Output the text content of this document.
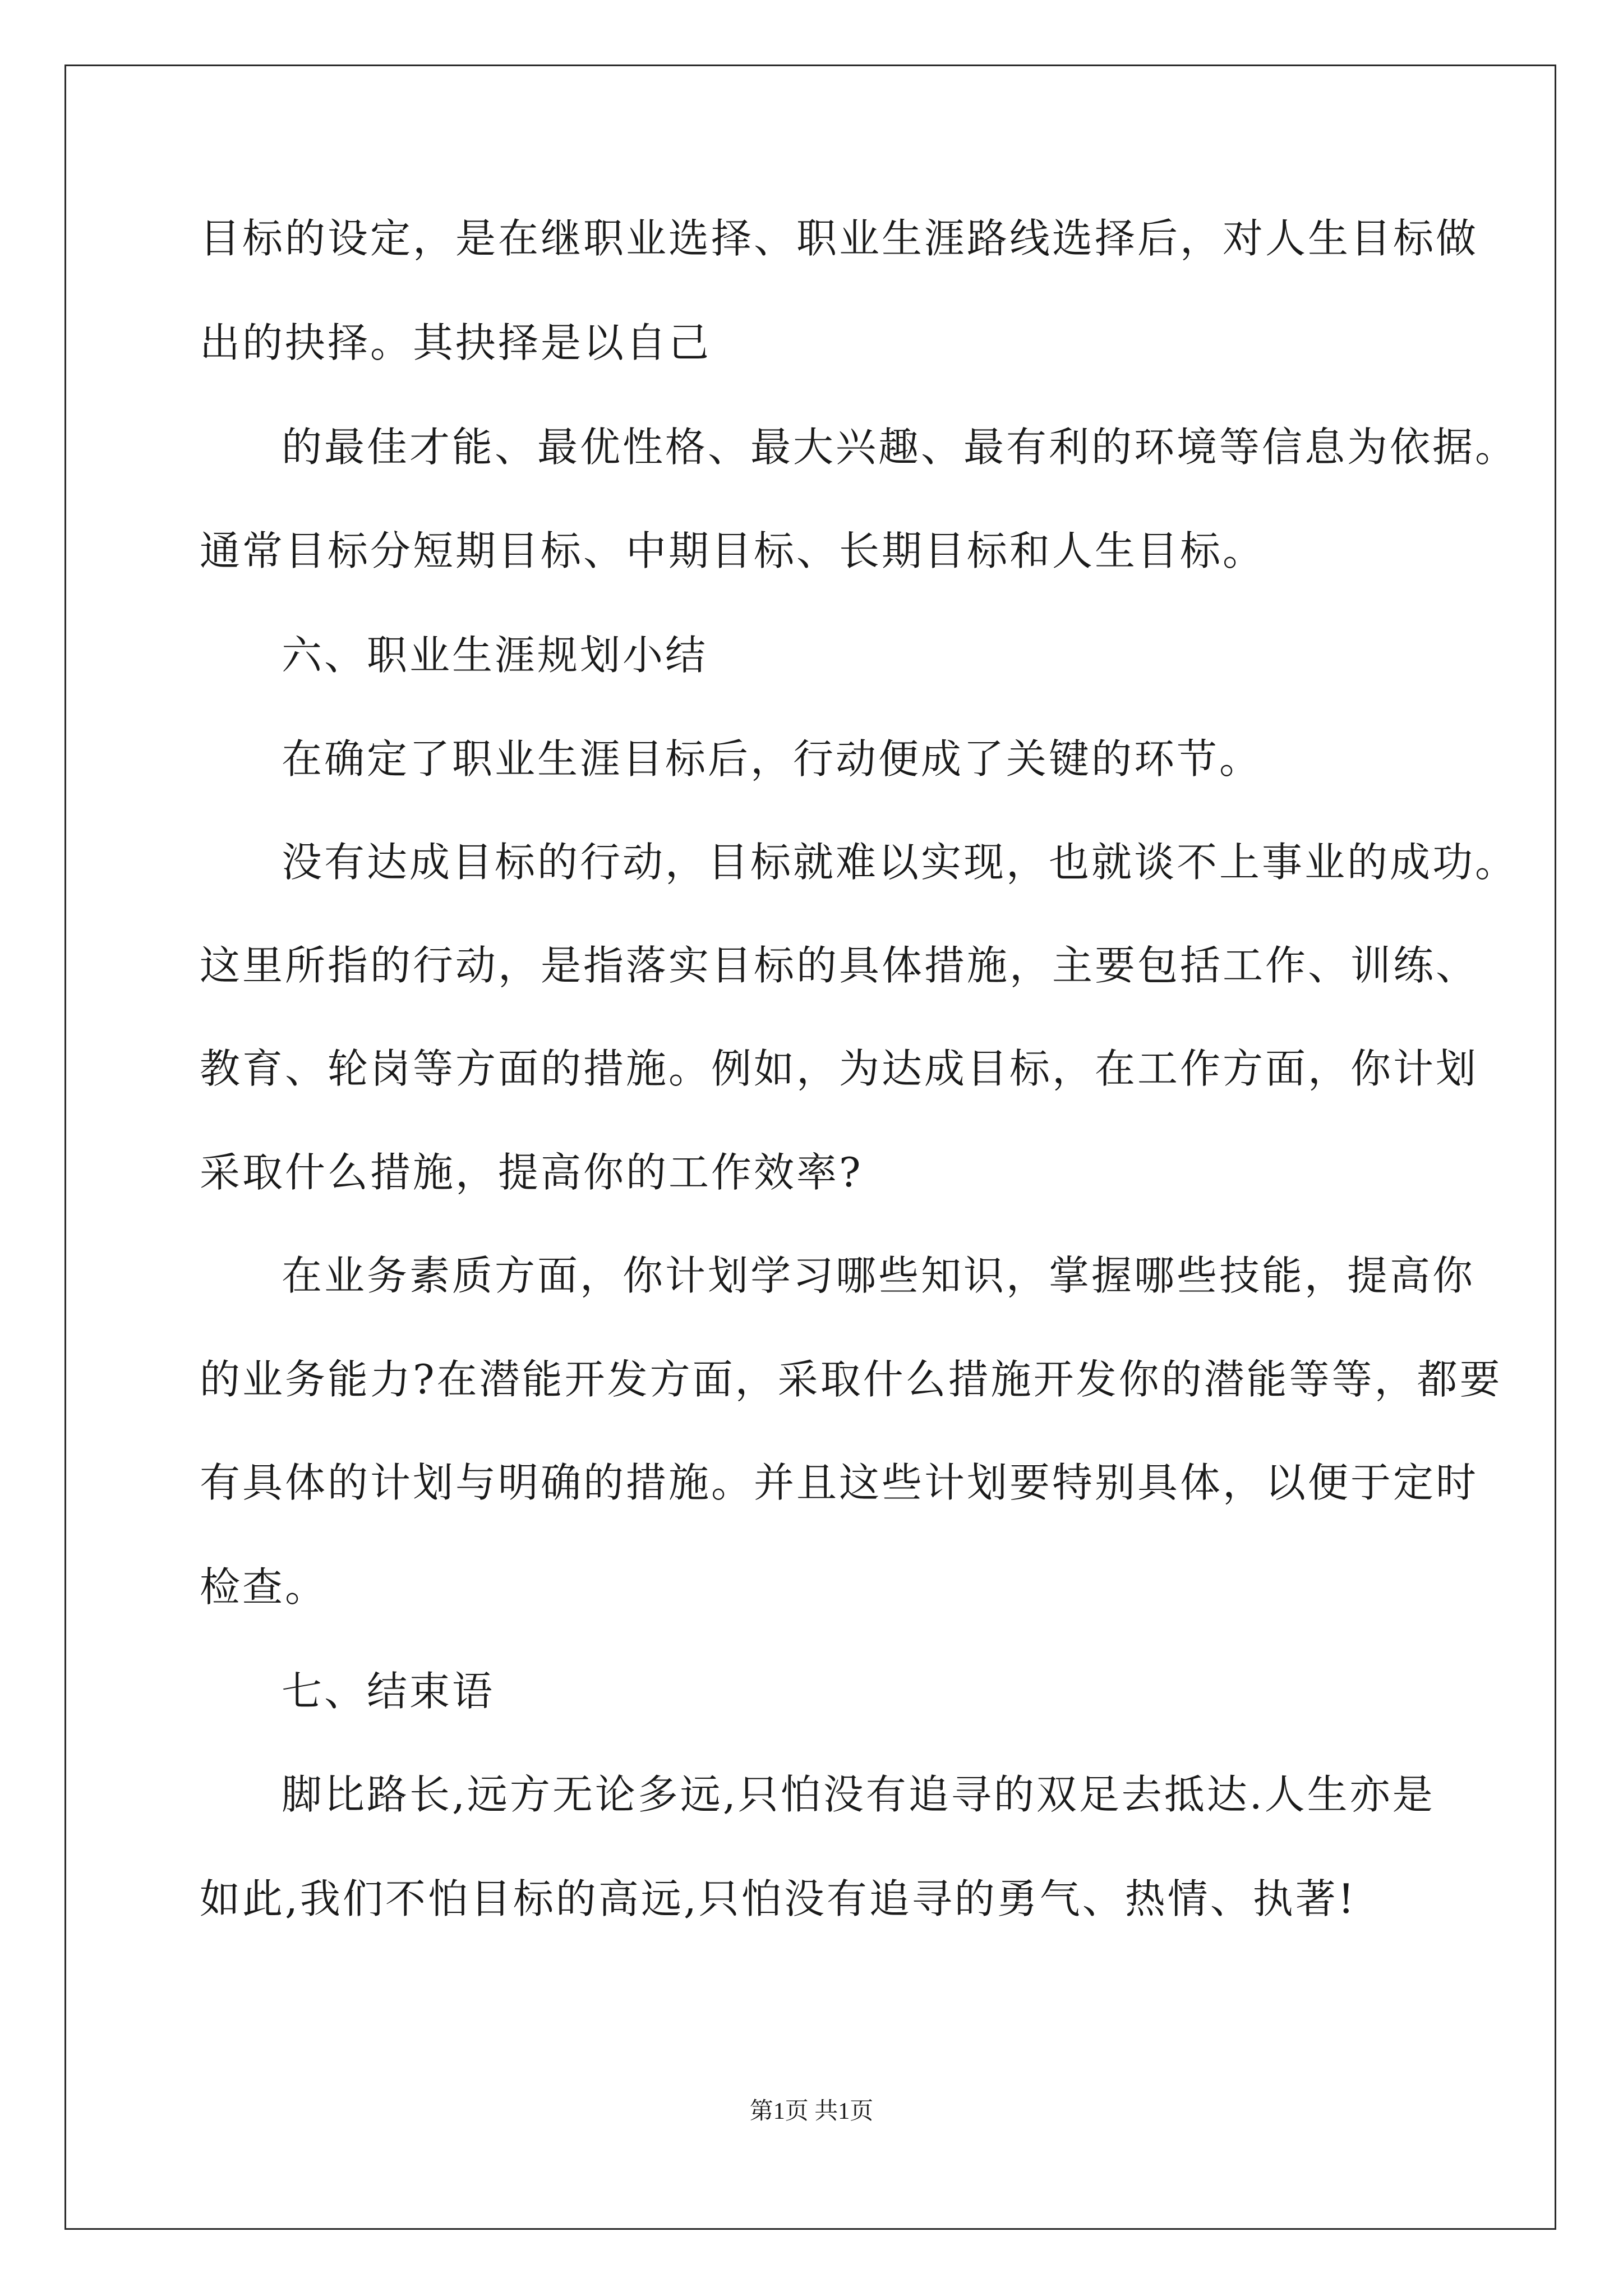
目标的设定，是在继职业选择、职业生涯路线选择后，对人生目标做
出的抉择。其抉择是以自己
的最佳才能、最优性格、最大兴趣、最有利的环境等信息为依据。
通常目标分短期目标、中期目标、长期目标和人生目标。
六、职业生涯规划小结
在确定了职业生涯目标后，行动便成了关键的环节。
没有达成目标的行动，目标就难以实现，也就谈不上事业的成功。
这里所指的行动，是指落实目标的具体措施，主要包括工作、训练、
教育、轮岗等方面的措施。例如，为达成目标，在工作方面，你计划
采取什么措施，提高你的工作效率?
在业务素质方面，你计划学习哪些知识，掌握哪些技能，提高你
的业务能力?在潜能开发方面，采取什么措施开发你的潜能等等，都要
有具体的计划与明确的措施。并且这些计划要特别具体，以便于定时
检查。
七、结束语
脚比路长,远方无论多远,只怕没有追寻的双足去抵达.人生亦是
如此,我们不怕目标的高远,只怕没有追寻的勇气、热情、执著!
第1页 共1页
